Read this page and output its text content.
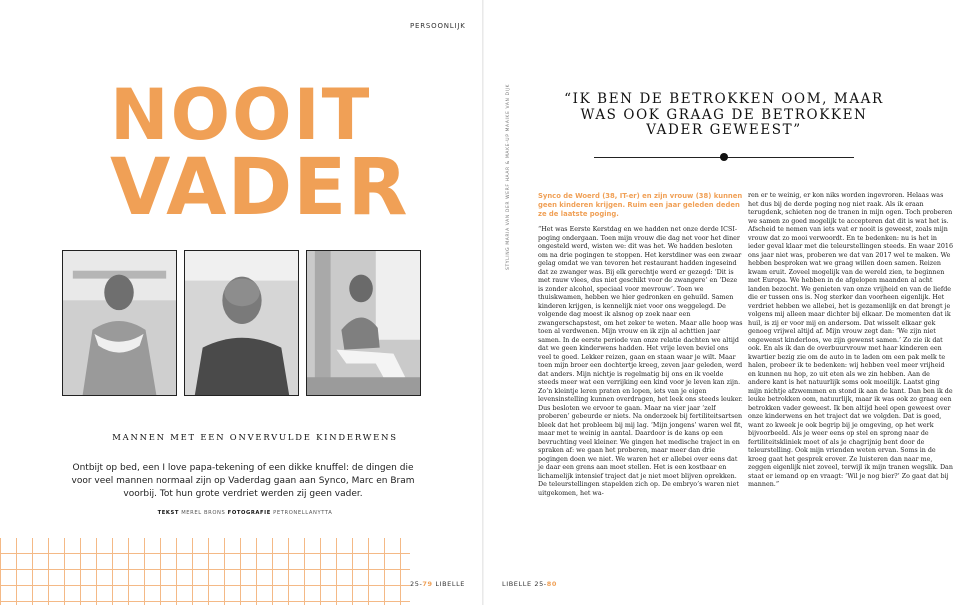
PERSOONLIJK
NOOIT
VADER
MANNEN MET EEN ONVERVULDE KINDERWENS
Ontbijt op bed, een I love papa-tekening of een dikke knuffel: de dingen die voor veel mannen normaal zijn op Vaderdag gaan aan Synco, Marc en Bram voorbij. Tot hun grote verdriet werden zij geen vader.
TEKST MEREL BRONS FOTOGRAFIE PETRONELLANYTTA
25-79 LIBELLE
“IK BEN DE BETROKKEN OOM, MAAR WAS OOK GRAAG DE BETROKKEN VADER GEWEEST”
STYLING MARIA VAN DER WERF HAAR & MAKE-UP MAAIKE VAN DIJK	Synco de Woerd (38, IT-er) en zijn vrouw (38) kunnen geen kinderen krijgen. Ruim een jaar geleden deden ze de laatste poging.

“Het was Eerste Kerstdag en we hadden net onze derde ICSI-poging ondergaan. Toen mijn vrouw die dag net voor het diner ongesteld werd, wisten we: dit was het. We hadden besloten om na drie pogingen te stoppen. Het kerstdiner was een zwaar gelag omdat we van tevoren het restaurant hadden ingeseind dat ze zwanger was. Bij elk gerechtje werd er gezegd: ‘Dit is met rauw vlees, dus niet geschikt voor de zwangere’ en ‘Deze is zonder alcohol, speciaal voor mevrouw’. Toen we thuiskwamen, hebben we hier gedronken en gehuild. Samen kinderen krijgen, is kennelijk niet voor ons weggelegd. De volgende dag moest ik alsnog op zoek naar een zwangerschapstest, om het zeker te weten. Maar alle hoop was toen al verdwenen. Mijn vrouw en ik zijn al achttien jaar samen. In de eerste periode van onze relatie dachten we altijd dat we geen kinderwens hadden. Het vrije leven beviel ons veel te goed. Lekker reizen, gaan en staan waar je wilt. Maar toen mijn broer een dochtertje kreeg, zeven jaar geleden, werd dat anders. Mijn nichtje is regelmatig bij ons en ik voelde steeds meer wat een verrijking een kind voor je leven kan zijn. Zo’n kleintje leren praten en lopen, iets van je eigen levensinstelling kunnen overdragen, het leek ons steeds leuker. Dus besloten we ervoor te gaan. Maar na vier jaar ‘zelf proberen’ gebeurde er niets. Na onderzoek bij fertiliteitsartsen bleek dat het probleem bij mij lag. ‘Mijn jongens’ waren wel fit, maar met te weinig in aantal. Daardoor is de kans op een bevruchting veel kleiner. We gingen het medische traject in en spraken af: we gaan het proberen, maar meer dan drie pogingen doen we niet. We waren het er allebei over eens dat je daar een grens aan moet stellen. Het is een kostbaar en lichamelijk intensief traject dat je niet moet blijven oprekken. De teleurstellingen stapelden zich op. De embryo’s waren niet uitgekomen, het wa-

ren er te weinig, er kon niks worden ingevroren. Helaas was het dus bij de derde poging nog niet raak. Als ik eraan terugdenk, schieten nog de tranen in mijn ogen. Toch proberen we samen zo goed mogelijk te accepteren dat dit is wat het is. Afscheid te nemen van iets wat er nooit is geweest, zoals mijn vrouw dat zo mooi verwoordt. En te bedenken: nu is het in ieder geval klaar met die teleurstellingen steeds. En waar 2016 ons jaar niet was, proberen we dat van 2017 wel te maken. We hebben besproken wat we graag willen doen samen. Reizen kwam eruit. Zoveel mogelijk van de wereld zien, te beginnen met Europa. We hebben in de afgelopen maanden al acht landen bezocht. We genieten van onze vrijheid en van de liefde die er tussen ons is. Nog sterker dan voorheen eigenlijk. Het verdriet hebben we allebei, het is gezamenlijk en dat brengt je volgens mij alleen maar dichter bij elkaar. De momenten dat ik huil, is zij er voor mij en andersom. Dat wisselt elkaar gek genoeg vrijwel altijd af. Mijn vrouw zegt dan: ‘We zijn niet ongewenst kinderloos, we zijn gewenst samen.’ Zo zie ik dat ook. En als ik dan de overbuurvrouw met haar kinderen een kwartier bezig zie om de auto in te laden om een pak melk te halen, probeer ik te bedenken: wij hebben veel meer vrijheid en kunnen nu hop, zo uit eten als we zin hebben. Aan de andere kant is het natuurlijk soms ook moeilijk. Laatst ging mijn nichtje afzwemmen en stond ik aan de kant. Dan ben ik de leuke betrokken oom, natuurlijk, maar ik was ook zo graag een betrokken vader geweest. Ik ben altijd heel open geweest over onze kinderwens en het traject dat we volgden. Dat is goed, want zo kweek je ook begrip bij je omgeving, op het werk bijvoorbeeld. Als je weer eens op stel en sprong naar de fertiliteitskliniek moet of als je chagrijnig bent door de teleurstelling. Ook mijn vrienden weten ervan. Soms in de kroeg gaat het gesprek erover. Ze luisteren dan naar me, zeggen eigenlijk niet zoveel, terwijl ik mijn tranen wegslik. Dan staat er iemand op en vraagt: ‘Wil je nog bier?’ Zo gaat dat bij mannen.”

LIBELLE 25-80
